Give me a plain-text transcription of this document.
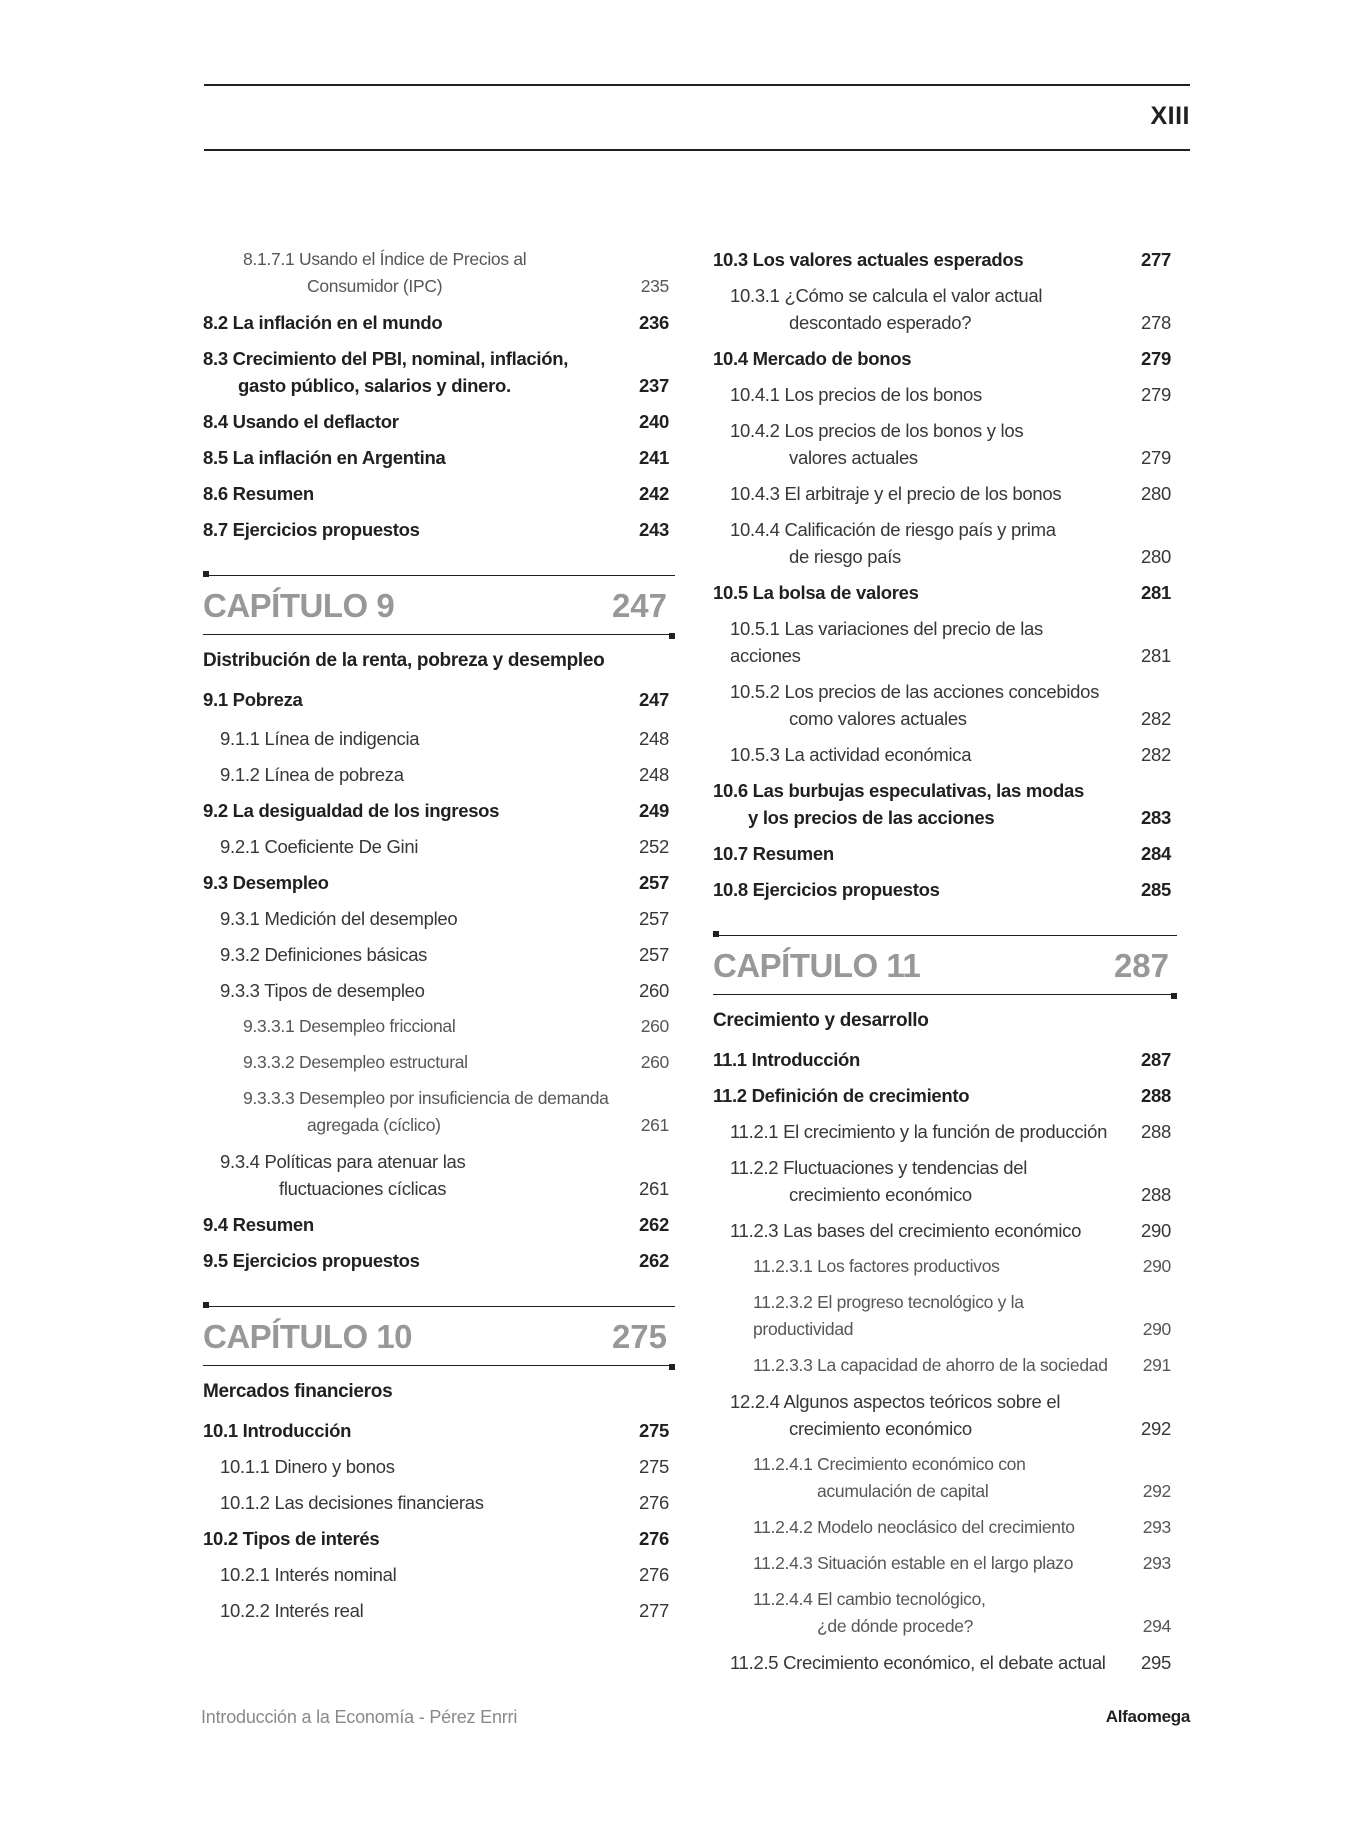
XIII
8.1.7.1 Usando el Índice de Precios al
Consumidor (IPC)	235
8.2 La inflación en el mundo	236
8.3 Crecimiento del PBI, nominal, inflación,
gasto público, salarios y dinero.	237
8.4 Usando el deflactor	240
8.5 La inflación en Argentina	241
8.6 Resumen	242
8.7 Ejercicios propuestos	243
CAPÍTULO 9	247
Distribución de la renta, pobreza y desempleo
9.1 Pobreza	247
9.1.1 Línea de indigencia	248
9.1.2 Línea de pobreza	248
9.2 La desigualdad de los ingresos	249
9.2.1 Coeficiente De Gini	252
9.3 Desempleo	257
9.3.1 Medición del desempleo	257
9.3.2 Definiciones básicas	257
9.3.3 Tipos de desempleo	260
9.3.3.1 Desempleo friccional	260
9.3.3.2 Desempleo estructural	260
9.3.3.3 Desempleo por insuficiencia de demanda
agregada (cíclico)	261
9.3.4 Políticas para atenuar las
fluctuaciones cíclicas	261
9.4 Resumen	262
9.5 Ejercicios propuestos	262
CAPÍTULO 10	275
Mercados financieros
10.1 Introducción	275
10.1.1 Dinero y bonos	275
10.1.2 Las decisiones financieras	276
10.2 Tipos de interés	276
10.2.1 Interés nominal	276
10.2.2 Interés real	277
10.3 Los valores actuales esperados	277
10.3.1 ¿Cómo se calcula el valor actual
descontado esperado?	278
10.4 Mercado de bonos	279
10.4.1 Los precios de los bonos	279
10.4.2 Los precios de los bonos y los
valores actuales	279
10.4.3 El arbitraje y el precio de los bonos	280
10.4.4 Calificación de riesgo país y prima
de riesgo país	280
10.5 La bolsa de valores	281
10.5.1 Las variaciones del precio de las acciones	281
10.5.2 Los precios de las acciones concebidos
como valores actuales	282
10.5.3 La actividad económica	282
10.6 Las burbujas especulativas, las modas
y los precios de las acciones	283
10.7 Resumen	284
10.8 Ejercicios propuestos	285
CAPÍTULO 11	287
Crecimiento y desarrollo
11.1 Introducción	287
11.2 Definición de crecimiento	288
11.2.1 El crecimiento y la función de producción	288
11.2.2 Fluctuaciones y tendencias del
crecimiento económico	288
11.2.3 Las bases del crecimiento económico	290
11.2.3.1 Los factores productivos	290
11.2.3.2 El progreso tecnológico y la productividad	290
11.2.3.3 La capacidad de ahorro de la sociedad	291
12.2.4 Algunos aspectos teóricos sobre el
crecimiento económico	292
11.2.4.1 Crecimiento económico con
acumulación de capital	292
11.2.4.2 Modelo neoclásico del crecimiento	293
11.2.4.3 Situación estable en el largo plazo	293
11.2.4.4 El cambio tecnológico,
¿de dónde procede?	294
11.2.5 Crecimiento económico, el debate actual	295
Introducción a la Economía - Pérez Enrri	Alfaomega
